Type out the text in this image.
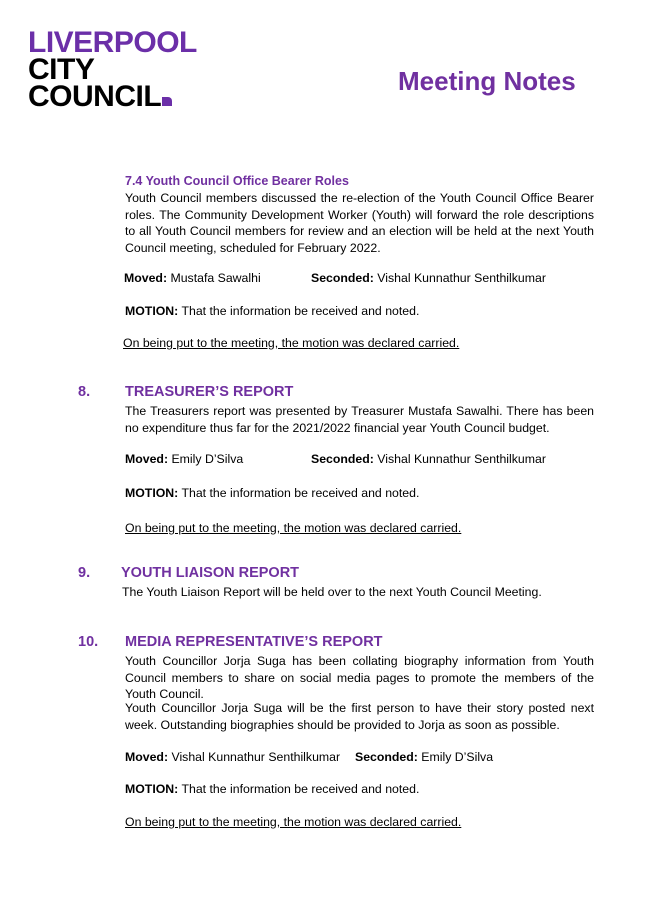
LIVERPOOL
CITY
COUNCIL	Meeting Notes
7.4 Youth Council Office Bearer Roles
Youth Council members discussed the re-election of the Youth Council Office Bearer roles. The Community Development Worker (Youth) will forward the role descriptions to all Youth Council members for review and an election will be held at the next Youth Council meeting, scheduled for February 2022.
Moved: Mustafa Sawalhi	Seconded: Vishal Kunnathur Senthilkumar
MOTION: That the information be received and noted.
On being put to the meeting, the motion was declared carried.
8. TREASURER’S REPORT
The Treasurers report was presented by Treasurer Mustafa Sawalhi. There has been no expenditure thus far for the 2021/2022 financial year Youth Council budget.
Moved: Emily D’Silva	Seconded: Vishal Kunnathur Senthilkumar
MOTION: That the information be received and noted.
On being put to the meeting, the motion was declared carried.
9. YOUTH LIAISON REPORT
The Youth Liaison Report will be held over to the next Youth Council Meeting.
10. MEDIA REPRESENTATIVE’S REPORT
Youth Councillor Jorja Suga has been collating biography information from Youth Council members to share on social media pages to promote the members of the Youth Council.
Youth Councillor Jorja Suga will be the first person to have their story posted next week. Outstanding biographies should be provided to Jorja as soon as possible.
Moved: Vishal Kunnathur Senthilkumar Seconded: Emily D’Silva
MOTION: That the information be received and noted.
On being put to the meeting, the motion was declared carried.
